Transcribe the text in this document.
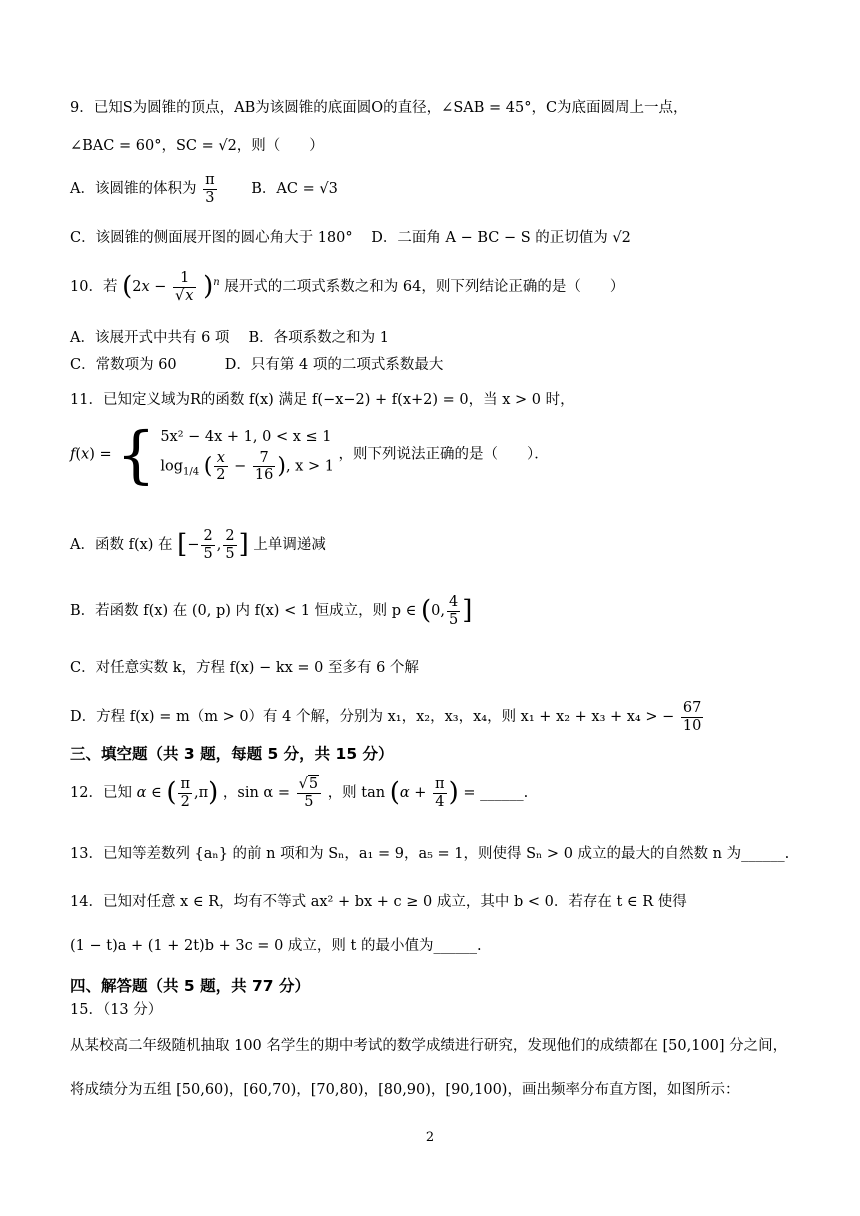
9．已知S为圆锥的顶点，AB为该圆锥的底面圆O的直径，∠SAB = 45°，C为底面圆周上一点，
∠BAC = 60°，SC = √2，则（　　）
A．该圆锥的体积为 $\frac{\pi}{3}$ B．AC = √3
C．该圆锥的侧面展开图的圆心角大于 180° D．二面角 A − BC − S 的正切值为 √2
10．若 $(2x - \frac{1}{√x} )^n$ 展开式的二项式系数之和为 64，则下列结论正确的是（　　）
A．该展开式中共有 6 项　 B．各项系数之和为 1
C．常数项为 60　　　 D．只有第 4 项的二项式系数最大
11．已知定义域为R的函数 f(x) 满足 f(−x−2) + f(x+2) = 0，当 x > 0 时，
f(x) = { 5x² − 4x + 1, 0 < x ≤ 1
$\log_{1/4}$ ( $\frac{x}{2} - \frac{7}{16}$ ), x > 1
，则下列说法正确的是（　　）．
A．函数 f(x) 在 [− $\frac{2}{5}$ , $\frac{2}{5}$ ] 上单调递减
B．若函数 f(x) 在 (0, p) 内 f(x) < 1 恒成立，则 p ∈ (0, $\frac{4}{5}$ ]
C．对任意实数 k，方程 f(x) − kx = 0 至多有 6 个解
D．方程 f(x) = m（m > 0）有 4 个解，分别为 x₁，x₂，x₃，x₄，则 x₁ + x₂ + x₃ + x₄ > − $\frac{67}{10}$
三、填空题（共 3 题，每题 5 分，共 15 分）
12．已知 α ∈ ( $\frac{\pi}{2} ,\pi$) ，$\sin \alpha = \frac{√5}{5}$ ，则 $\tan (\alpha + \frac{\pi}{4}$ ) = ______.
13．已知等差数列 {aₙ} 的前 n 项和为 Sₙ，a₁ = 9，a₅ = 1，则使得 Sₙ > 0 成立的最大的自然数 n 为______.
14．已知对任意 x ∈ R，均有不等式 ax² + bx + c ≥ 0 成立，其中 b < 0．若存在 t ∈ R 使得
(1 − t)a + (1 + 2t)b + 3c = 0 成立，则 t 的最小值为______.
四、解答题（共 5 题，共 77 分）
15．（13 分）
从某校高二年级随机抽取 100 名学生的期中考试的数学成绩进行研究，发现他们的成绩都在 [50,100] 分之间，
将成绩分为五组 [50,60)，[60,70)，[70,80)，[80,90)，[90,100)，画出频率分布直方图，如图所示：
2
